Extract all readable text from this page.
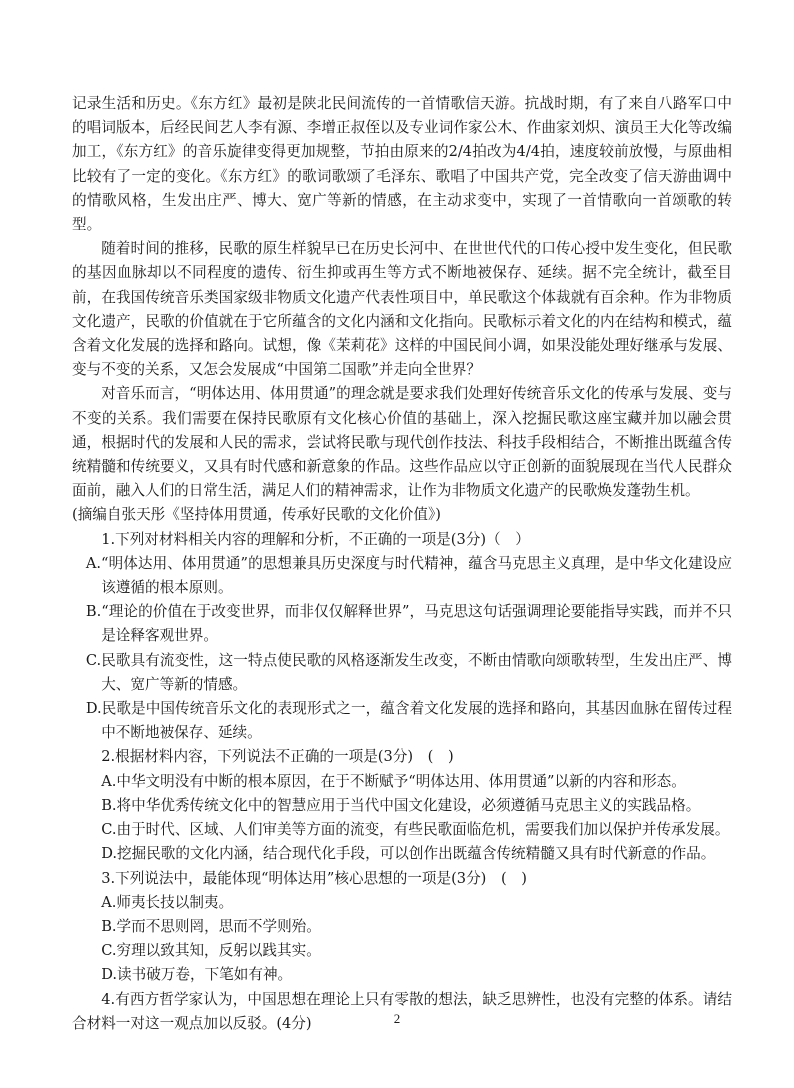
记录生活和历史。《东方红》最初是陕北民间流传的一首情歌信天游。抗战时期，有了来自八路军口中的唱词版本，后经民间艺人李有源、李增正叔侄以及专业词作家公木、作曲家刘炽、演员王大化等改编加工，《东方红》的音乐旋律变得更加规整，节拍由原来的2/4拍改为4/4拍，速度较前放慢，与原曲相比较有了一定的变化。《东方红》的歌词歌颂了毛泽东、歌唱了中国共产党，完全改变了信天游曲调中的情歌风格，生发出庄严、博大、宽广等新的情感，在主动求变中，实现了一首情歌向一首颂歌的转型。

随着时间的推移，民歌的原生样貌早已在历史长河中、在世世代代的口传心授中发生变化，但民歌的基因血脉却以不同程度的遗传、衍生抑或再生等方式不断地被保存、延续。据不完全统计，截至目前，在我国传统音乐类国家级非物质文化遗产代表性项目中，单民歌这个体裁就有百余种。作为非物质文化遗产，民歌的价值就在于它所蕴含的文化内涵和文化指向。民歌标示着文化的内在结构和模式，蕴含着文化发展的选择和路向。试想，像《茉莉花》这样的中国民间小调，如果没能处理好继承与发展、变与不变的关系，又怎会发展成“中国第二国歌”并走向全世界？

对音乐而言，“明体达用、体用贯通”的理念就是要求我们处理好传统音乐文化的传承与发展、变与不变的关系。我们需要在保持民歌原有文化核心价值的基础上，深入挖掘民歌这座宝藏并加以融会贯通，根据时代的发展和人民的需求，尝试将民歌与现代创作技法、科技手段相结合，不断推出既蕴含传统精髓和传统要义，又具有时代感和新意象的作品。这些作品应以守正创新的面貌展现在当代人民群众面前，融入人们的日常生活，满足人们的精神需求，让作为非物质文化遗产的民歌焕发蓬勃生机。

(摘编自张天彤《坚持体用贯通，传承好民歌的文化价值》)

1.下列对材料相关内容的理解和分析，不正确的一项是(3分)（　）

A.“明体达用、体用贯通”的思想兼具历史深度与时代精神，蕴含马克思主义真理，是中华文化建设应该遵循的根本原则。

B.“理论的价值在于改变世界，而非仅仅解释世界”，马克思这句话强调理论要能指导实践，而并不只是诠释客观世界。

C.民歌具有流变性，这一特点使民歌的风格逐渐发生改变，不断由情歌向颂歌转型，生发出庄严、博大、宽广等新的情感。

D.民歌是中国传统音乐文化的表现形式之一，蕴含着文化发展的选择和路向，其基因血脉在留传过程中不断地被保存、延续。

2.根据材料内容，下列说法不正确的一项是(3分)　(　)

A.中华文明没有中断的根本原因，在于不断赋予“明体达用、体用贯通”以新的内容和形态。

B.将中华优秀传统文化中的智慧应用于当代中国文化建设，必须遵循马克思主义的实践品格。

C.由于时代、区域、人们审美等方面的流变，有些民歌面临危机，需要我们加以保护并传承发展。

D.挖掘民歌的文化内涵，结合现代化手段，可以创作出既蕴含传统精髓又具有时代新意的作品。

3.下列说法中，最能体现“明体达用”核心思想的一项是(3分)　(　)

A.师夷长技以制夷。

B.学而不思则罔，思而不学则殆。

C.穷理以致其知，反躬以践其实。

D.读书破万卷，下笔如有神。

4.有西方哲学家认为，中国思想在理论上只有零散的想法，缺乏思辨性，也没有完整的体系。请结合材料一对这一观点加以反驳。(4分)	2
